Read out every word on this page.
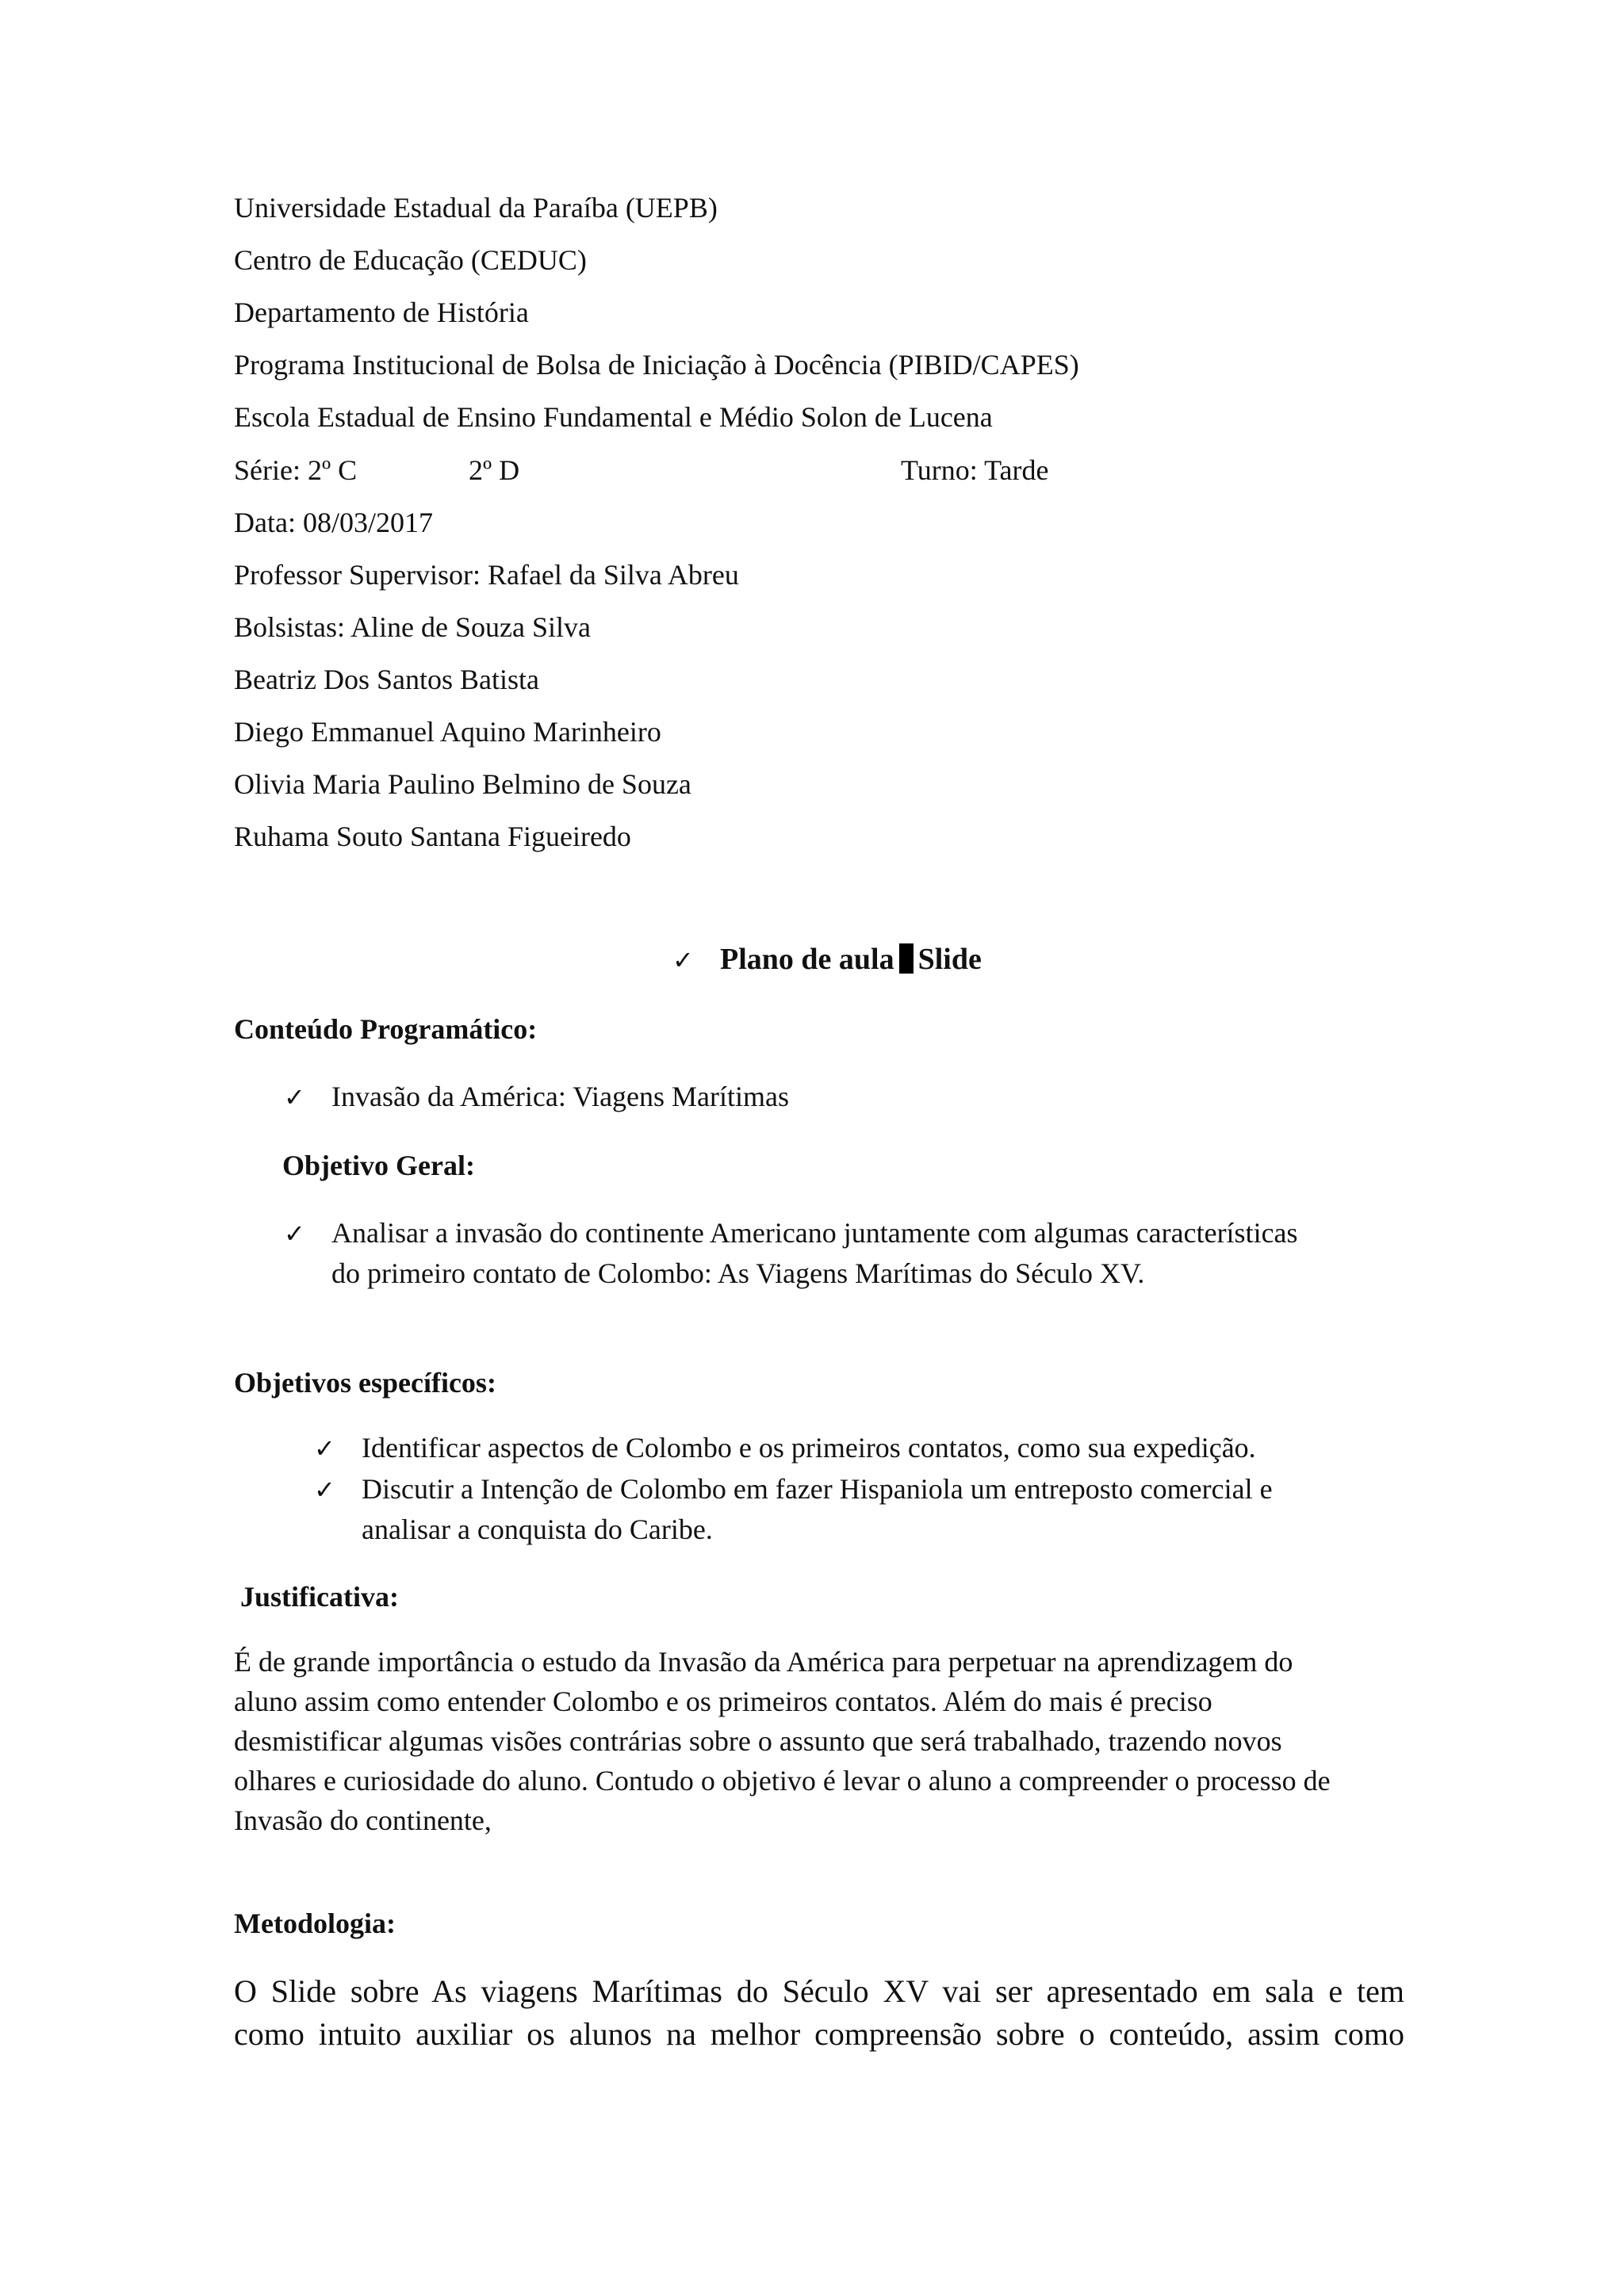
Universidade Estadual da Paraíba (UEPB)
Centro de Educação (CEDUC)
Departamento de História
Programa Institucional de Bolsa de Iniciação à Docência (PIBID/CAPES)
Escola Estadual de Ensino Fundamental e Médio Solon de Lucena
Série: 2º C	2º D	Turno: Tarde
Data: 08/03/2017
Professor Supervisor: Rafael da Silva Abreu
Bolsistas: Aline de Souza Silva
Beatriz Dos Santos Batista
Diego Emmanuel Aquino Marinheiro
Olivia Maria Paulino Belmino de Souza
Ruhama Souto Santana Figueiredo
✓ Plano de aula Slide
Conteúdo Programático:
✓ Invasão da América: Viagens Marítimas
Objetivo Geral:
✓ Analisar a invasão do continente Americano juntamente com algumas características
do primeiro contato de Colombo: As Viagens Marítimas do Século XV.
Objetivos específicos:
✓ Identificar aspectos de Colombo e os primeiros contatos, como sua expedição.
✓ Discutir a Intenção de Colombo em fazer Hispaniola um entreposto comercial e
analisar a conquista do Caribe.
Justificativa:

É de grande importância o estudo da Invasão da América para perpetuar na aprendizagem do

aluno assim como entender Colombo e os primeiros contatos. Além do mais é preciso

desmistificar algumas visões contrárias sobre o assunto que será trabalhado, trazendo novos

olhares e curiosidade do aluno. Contudo o objetivo é levar o aluno a compreender o processo de

Invasão do continente,

Metodologia:

O Slide sobre As viagens Marítimas do Século XV vai ser apresentado em sala e tem

como intuito auxiliar os alunos na melhor compreensão sobre o conteúdo, assim como
